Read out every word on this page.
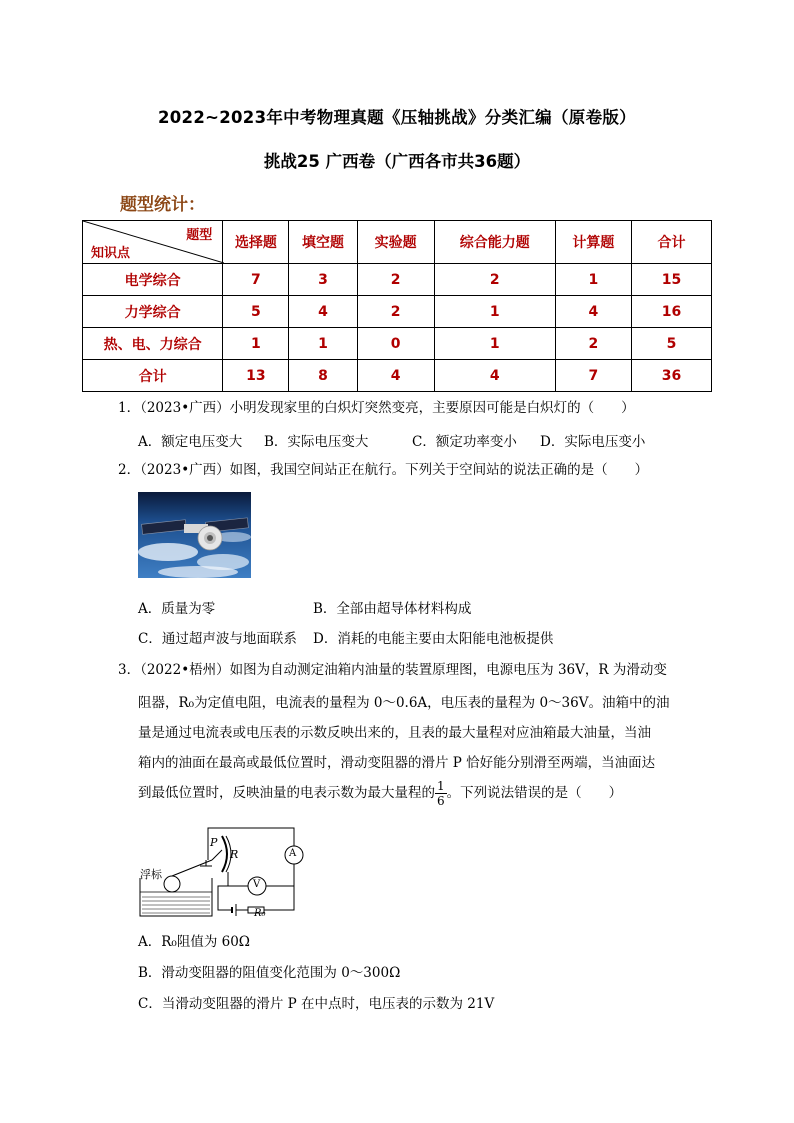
2022~2023年中考物理真题《压轴挑战》分类汇编（原卷版）
挑战25 广西卷（广西各市共36题）
题型统计：
题型
知识点	选择题	填空题	实验题	综合能力题	计算题	合计
电学综合	7	3	2	2	1	15
力学综合	5	4	2	1	4	16
热、电、力综合	1	1	0	1	2	5
合计	13	8	4	4	7	36
1．（2023•广西）小明发现家里的白炽灯突然变亮，主要原因可能是白炽灯的（　　）
A．额定电压变大 B．实际电压变大	C．额定功率变小 D．实际电压变小
2．（2023•广西）如图，我国空间站正在航行。下列关于空间站的说法正确的是（　　）
A．质量为零	B．全部由超导体材料构成
C．通过超声波与地面联系 D．消耗的电能主要由太阳能电池板提供
3．（2022•梧州）如图为自动测定油箱内油量的装置原理图，电源电压为 36V，R 为滑动变
阻器，R₀为定值电阻，电流表的量程为 0～0.6A，电压表的量程为 0～36V。油箱中的油
量是通过电流表或电压表的示数反映出来的，且表的最大量程对应油箱最大油量，当油
箱内的油面在最高或最低位置时，滑动变阻器的滑片 P 恰好能分别滑至两端，当油面达
到最低位置时，反映油量的电表示数为最大量程的 $\frac{1}{6}$ 。下列说法错误的是（　　）
浮标
P
R	A
V
R₀
A．R₀阻值为 60Ω
B．滑动变阻器的阻值变化范围为 0～300Ω
C．当滑动变阻器的滑片 P 在中点时，电压表的示数为 21V
